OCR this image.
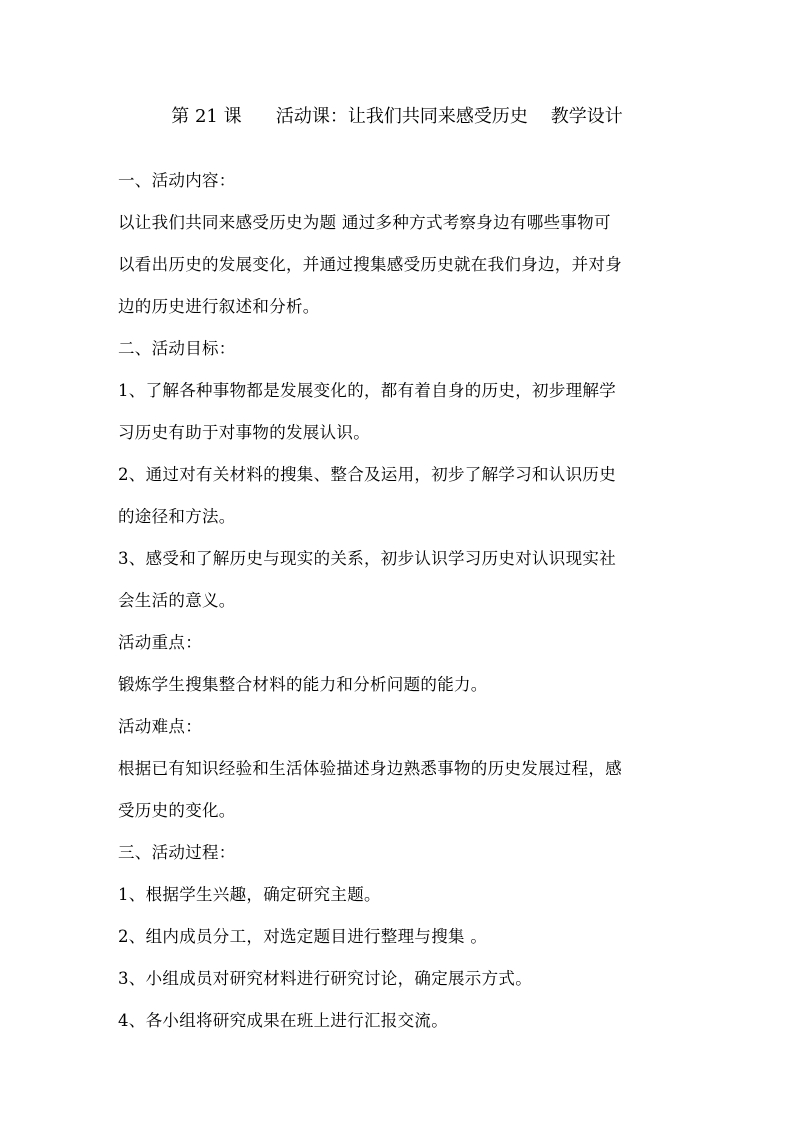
第 21 课      活动课：让我们共同来感受历史    教学设计
一、活动内容：
以让我们共同来感受历史为题 通过多种方式考察身边有哪些事物可
以看出历史的发展变化，并通过搜集感受历史就在我们身边，并对身
边的历史进行叙述和分析。
二、活动目标：
1、了解各种事物都是发展变化的，都有着自身的历史，初步理解学
习历史有助于对事物的发展认识。
2、通过对有关材料的搜集、整合及运用，初步了解学习和认识历史
的途径和方法。
3、感受和了解历史与现实的关系，初步认识学习历史对认识现实社
会生活的意义。
活动重点：
锻炼学生搜集整合材料的能力和分析问题的能力。
活动难点：
根据已有知识经验和生活体验描述身边熟悉事物的历史发展过程，感
受历史的变化。
三、活动过程：
1、根据学生兴趣，确定研究主题。
2、组内成员分工，对选定题目进行整理与搜集 。
3、小组成员对研究材料进行研究讨论，确定展示方式。
4、各小组将研究成果在班上进行汇报交流。
